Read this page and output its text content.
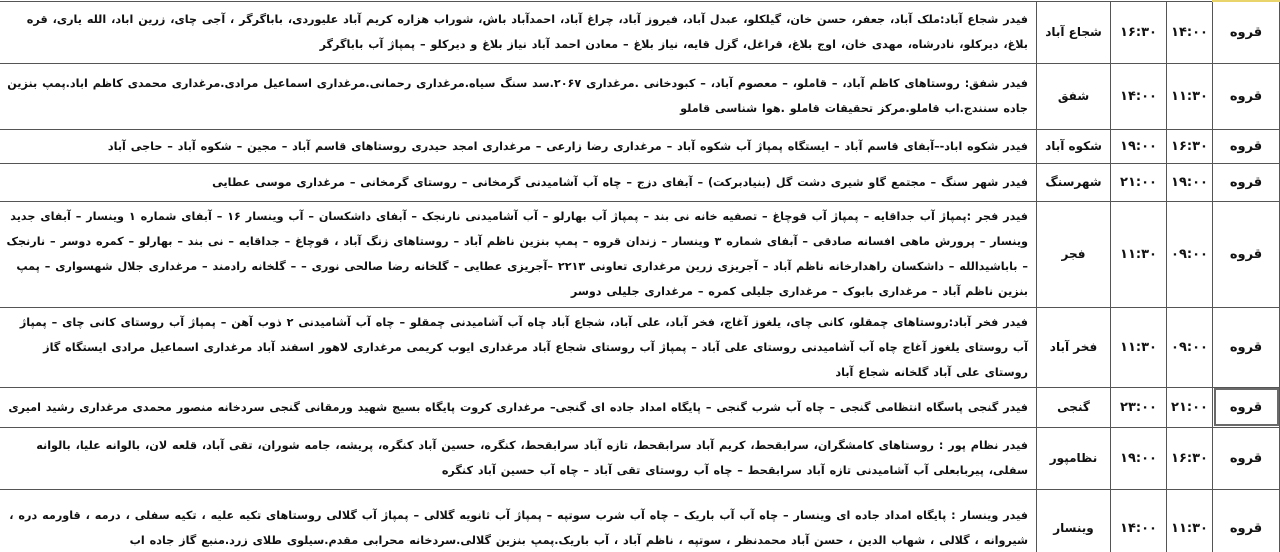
قروه	۱۴:۰۰	۱۶:۳۰	شجاع آباد	فیدر شجاع آباد:ملک آباد، جعفر، حسن خان، گیلکلو، عبدل آباد، فیروز آباد، چراغ آباد، احمدآباد باش، شوراب هزاره کریم آباد علیوردی، باباگرگر ، آجی چای، زرین اباد، الله یاری، قره بلاغ، دیرکلو، نادرشاه، مهدی خان، اوج بلاغ، قراغل، گزل قایه، نیاز بلاغ – معادن احمد آباد نیاز بلاغ و دیرکلو – پمپاژ آب باباگرگر
قروه	۱۱:۳۰	۱۴:۰۰	شفق	فیدر شفق: روستاهای کاظم آباد، – قاملو، – معصوم آباد، – کبودخانی .مرغداری ۲۰۶۷.سد سنگ سیاه.مرغداری رحمانی.مرغداری اسماعیل مرادی.مرغداری محمدی کاظم اباد.پمپ بنزین جاده سنندج.اب قاملو.مرکز تحقیقات قاملو .هوا شناسی قاملو
قروه	۱۶:۳۰	۱۹:۰۰	شکوه آباد	فیدر شکوه اباد-–آبفای قاسم آباد – ایستگاه پمپاژ آب شکوه آباد – مرغداری رضا زارعی – مرغداری امجد حیدری روستاهای قاسم آباد – مجین – شکوه آباد – حاجی آباد
قروه	۱۹:۰۰	۲۱:۰۰	شهرسنگ	فیدر شهر سنگ – مجتمع گاو شیری دشت گل (بنیادبرکت) – آبفای دزج – چاه آب آشامیدنی گرمخانی – روستای گرمخانی – مرغداری موسی عطایی
قروه	۰۹:۰۰	۱۱:۳۰	فجر	فیدر فجر :پمپاژ آب جداقایه – پمپاژ آب قوچاغ – تصفیه خانه نی بند – پمپاژ آب بهارلو – آب آشامیدنی نارنجک – آبفای داشکسان – آب وینسار ۱۶ – آبفای شماره ۱ وینسار – آبفای جدید وینسار – پرورش ماهی افسانه صادقی – آبفای شماره ۳ وینسار – زندان قروه – پمپ بنزین ناظم آباد – روستاهای زنگ آباد ، قوچاغ – جداقایه – نی بند – بهارلو – کمره دوسر – نارنجک – باباشیدالله – داشکسان راهدارخانه ناظم آباد – آجریزی زرین مرغداری تعاونی ۲۲۱۳ –آجریزی عطایی – گلخانه رضا صالحی نوری – – گلخانه رادمند – مرغداری جلال شهسواری – پمپ بنزین ناظم آباد – مرغداری بابوک – مرغداری جلیلی کمره – مرغداری جلیلی دوسر
قروه	۰۹:۰۰	۱۱:۳۰	فخر آباد	فیدر فخر آباد:روستاهای چمقلو، کانی چای، یلغوز آغاج، فخر آباد، علی آباد، شجاع آباد چاه آب آشامیدنی چمقلو – چاه آب آشامیدنی ۲ ذوب آهن – پمپاژ آب روستای کانی چای – پمپاژ آب روستای یلغوز آغاج چاه آب آشامیدنی روستای علی آباد – پمپاژ آب روستای شجاع آباد مرغداری ایوب کریمی مرغداری لاهور اسفند آباد مرغداری اسماعیل مرادی ایستگاه گاز روستای علی آباد گلخانه شجاع آباد
قروه	۲۱:۰۰	۲۳:۰۰	گنجی	فیدر گنجی پاسگاه انتظامی گنجی – چاه آب شرب گنجی – پایگاه امداد جاده ای گنجی– مرغداری کروت پایگاه بسیج شهید ورمقانی گنجی سردخانه منصور محمدی مرغداری رشید امیری
قروه	۱۶:۳۰	۱۹:۰۰	نظامپور	فیدر نظام پور : روستاهای کامشگران، سرابقحط، کریم آباد سرابقحط، تازه آباد سرابقحط، کنگره، حسین آباد کنگره، پریشه، جامه شوران، تقی آباد، قلعه لان، بالوانه علیا، بالوانه سفلی، پیربابعلی آب آشامیدنی تازه آباد سرابقحط – چاه آب روستای تقی آباد – چاه آب حسین آباد کنگره
قروه	۱۱:۳۰	۱۴:۰۰	وینسار	فیدر وینسار : پایگاه امداد جاده ای وینسار – چاه آب آب باریک – چاه آب شرب سوتپه – پمپاژ آب ثانویه گلالی – پمپاژ آب گلالی روستاهای تکیه علیه ، تکیه سفلی ، درمه ، قاورمه دره ، شیروانه ، گلالی ، شهاب الدین ، حسن آباد محمدنظر ، سوتپه ، ناظم آباد ، آب باریک.پمپ بنزین گلالی.سردخانه محرابی مقدم.سیلوی طلای زرد.منبع گاز جاده اب
